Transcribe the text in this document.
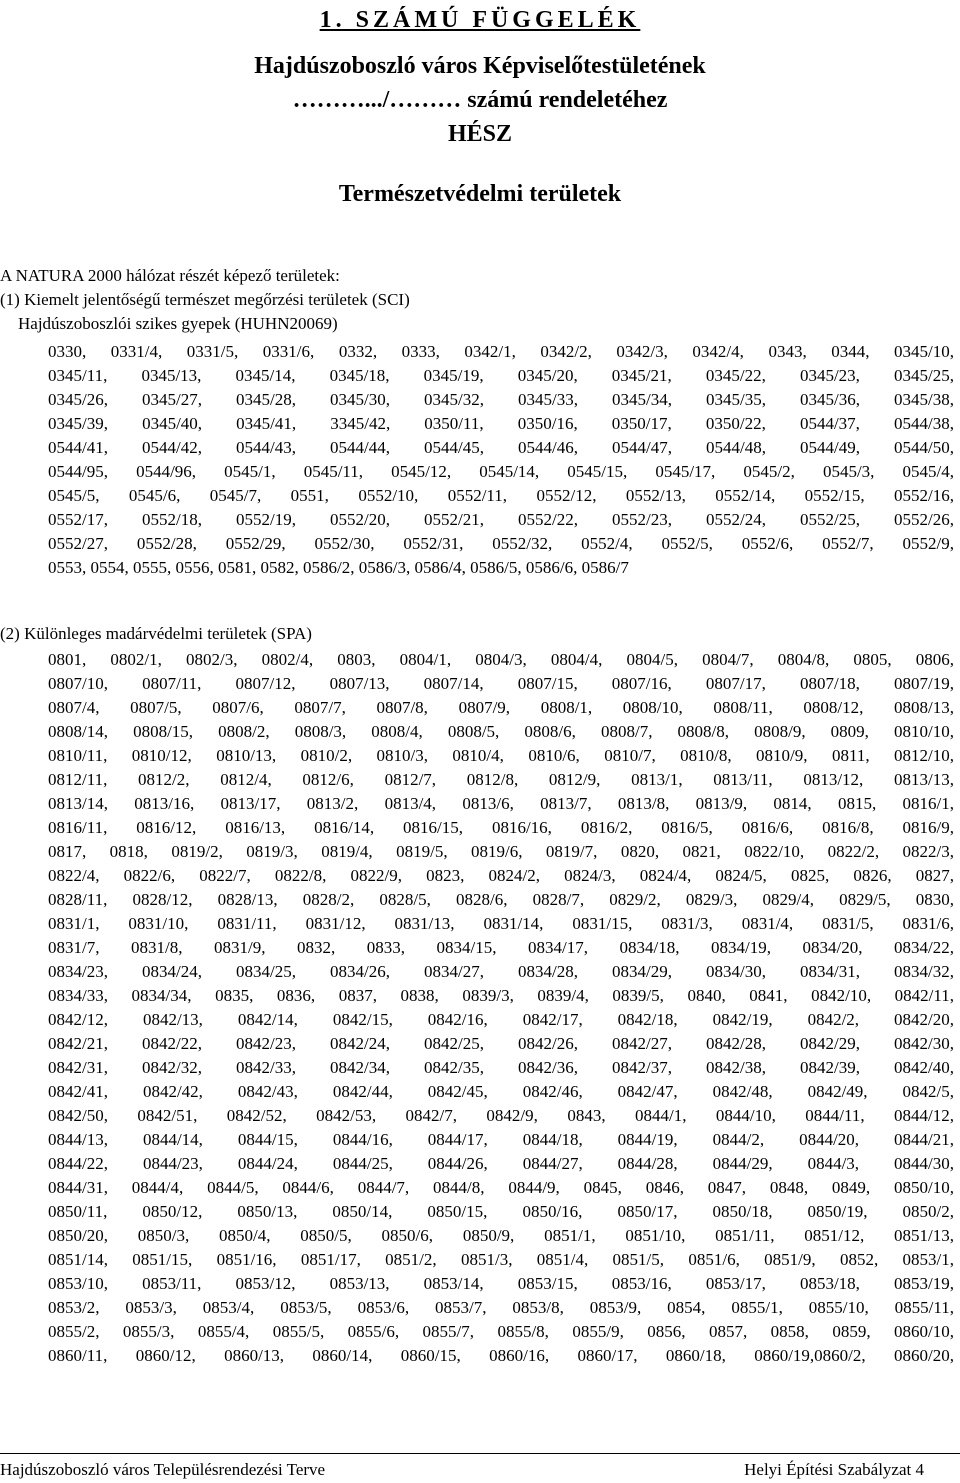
1. SZÁMÚ FÜGGELÉK
Hajdúszoboszló város Képviselőtestületének
……….../……… számú rendeletéhez
HÉSZ
Természetvédelmi területek
A NATURA 2000 hálózat részét képező területek:
(1) Kiemelt jelentőségű természet megőrzési területek (SCI)
Hajdúszoboszlói szikes gyepek (HUHN20069)
0330, 0331/4, 0331/5, 0331/6, 0332, 0333, 0342/1, 0342/2, 0342/3, 0342/4, 0343, 0344, 0345/10,
0345/11, 0345/13, 0345/14, 0345/18, 0345/19, 0345/20, 0345/21, 0345/22, 0345/23, 0345/25,
0345/26, 0345/27, 0345/28, 0345/30, 0345/32, 0345/33, 0345/34, 0345/35, 0345/36, 0345/38,
0345/39, 0345/40, 0345/41, 3345/42, 0350/11, 0350/16, 0350/17, 0350/22, 0544/37, 0544/38,
0544/41, 0544/42, 0544/43, 0544/44, 0544/45, 0544/46, 0544/47, 0544/48, 0544/49, 0544/50,
0544/95, 0544/96, 0545/1, 0545/11, 0545/12, 0545/14, 0545/15, 0545/17, 0545/2, 0545/3, 0545/4,
0545/5, 0545/6, 0545/7, 0551, 0552/10, 0552/11, 0552/12, 0552/13, 0552/14, 0552/15, 0552/16,
0552/17, 0552/18, 0552/19, 0552/20, 0552/21, 0552/22, 0552/23, 0552/24, 0552/25, 0552/26,
0552/27, 0552/28, 0552/29, 0552/30, 0552/31, 0552/32, 0552/4, 0552/5, 0552/6, 0552/7, 0552/9,
0553, 0554, 0555, 0556, 0581, 0582, 0586/2, 0586/3, 0586/4, 0586/5, 0586/6, 0586/7
(2) Különleges madárvédelmi területek (SPA)
0801, 0802/1, 0802/3, 0802/4, 0803, 0804/1, 0804/3, 0804/4, 0804/5, 0804/7, 0804/8, 0805, 0806,
0807/10, 0807/11, 0807/12, 0807/13, 0807/14, 0807/15, 0807/16, 0807/17, 0807/18, 0807/19,
0807/4, 0807/5, 0807/6, 0807/7, 0807/8, 0807/9, 0808/1, 0808/10, 0808/11, 0808/12, 0808/13,
0808/14, 0808/15, 0808/2, 0808/3, 0808/4, 0808/5, 0808/6, 0808/7, 0808/8, 0808/9, 0809, 0810/10,
0810/11, 0810/12, 0810/13, 0810/2, 0810/3, 0810/4, 0810/6, 0810/7, 0810/8, 0810/9, 0811, 0812/10,
0812/11, 0812/2, 0812/4, 0812/6, 0812/7, 0812/8, 0812/9, 0813/1, 0813/11, 0813/12, 0813/13,
0813/14, 0813/16, 0813/17, 0813/2, 0813/4, 0813/6, 0813/7, 0813/8, 0813/9, 0814, 0815, 0816/1,
0816/11, 0816/12, 0816/13, 0816/14, 0816/15, 0816/16, 0816/2, 0816/5, 0816/6, 0816/8, 0816/9,
0817, 0818, 0819/2, 0819/3, 0819/4, 0819/5, 0819/6, 0819/7, 0820, 0821, 0822/10, 0822/2, 0822/3,
0822/4, 0822/6, 0822/7, 0822/8, 0822/9, 0823, 0824/2, 0824/3, 0824/4, 0824/5, 0825, 0826, 0827,
0828/11, 0828/12, 0828/13, 0828/2, 0828/5, 0828/6, 0828/7, 0829/2, 0829/3, 0829/4, 0829/5, 0830,
0831/1, 0831/10, 0831/11, 0831/12, 0831/13, 0831/14, 0831/15, 0831/3, 0831/4, 0831/5, 0831/6,
0831/7, 0831/8, 0831/9, 0832, 0833, 0834/15, 0834/17, 0834/18, 0834/19, 0834/20, 0834/22,
0834/23, 0834/24, 0834/25, 0834/26, 0834/27, 0834/28, 0834/29, 0834/30, 0834/31, 0834/32,
0834/33, 0834/34, 0835, 0836, 0837, 0838, 0839/3, 0839/4, 0839/5, 0840, 0841, 0842/10, 0842/11,
0842/12, 0842/13, 0842/14, 0842/15, 0842/16, 0842/17, 0842/18, 0842/19, 0842/2, 0842/20,
0842/21, 0842/22, 0842/23, 0842/24, 0842/25, 0842/26, 0842/27, 0842/28, 0842/29, 0842/30,
0842/31, 0842/32, 0842/33, 0842/34, 0842/35, 0842/36, 0842/37, 0842/38, 0842/39, 0842/40,
0842/41, 0842/42, 0842/43, 0842/44, 0842/45, 0842/46, 0842/47, 0842/48, 0842/49, 0842/5,
0842/50, 0842/51, 0842/52, 0842/53, 0842/7, 0842/9, 0843, 0844/1, 0844/10, 0844/11, 0844/12,
0844/13, 0844/14, 0844/15, 0844/16, 0844/17, 0844/18, 0844/19, 0844/2, 0844/20, 0844/21,
0844/22, 0844/23, 0844/24, 0844/25, 0844/26, 0844/27, 0844/28, 0844/29, 0844/3, 0844/30,
0844/31, 0844/4, 0844/5, 0844/6, 0844/7, 0844/8, 0844/9, 0845, 0846, 0847, 0848, 0849, 0850/10,
0850/11, 0850/12, 0850/13, 0850/14, 0850/15, 0850/16, 0850/17, 0850/18, 0850/19, 0850/2,
0850/20, 0850/3, 0850/4, 0850/5, 0850/6, 0850/9, 0851/1, 0851/10, 0851/11, 0851/12, 0851/13,
0851/14, 0851/15, 0851/16, 0851/17, 0851/2, 0851/3, 0851/4, 0851/5, 0851/6, 0851/9, 0852, 0853/1,
0853/10, 0853/11, 0853/12, 0853/13, 0853/14, 0853/15, 0853/16, 0853/17, 0853/18, 0853/19,
0853/2, 0853/3, 0853/4, 0853/5, 0853/6, 0853/7, 0853/8, 0853/9, 0854, 0855/1, 0855/10, 0855/11,
0855/2, 0855/3, 0855/4, 0855/5, 0855/6, 0855/7, 0855/8, 0855/9, 0856, 0857, 0858, 0859, 0860/10,
0860/11, 0860/12, 0860/13, 0860/14, 0860/15, 0860/16, 0860/17, 0860/18, 0860/19,0860/2, 0860/20,
Hajdúszoboszló város Településrendezési Terve	Helyi Építési Szabályzat 4
